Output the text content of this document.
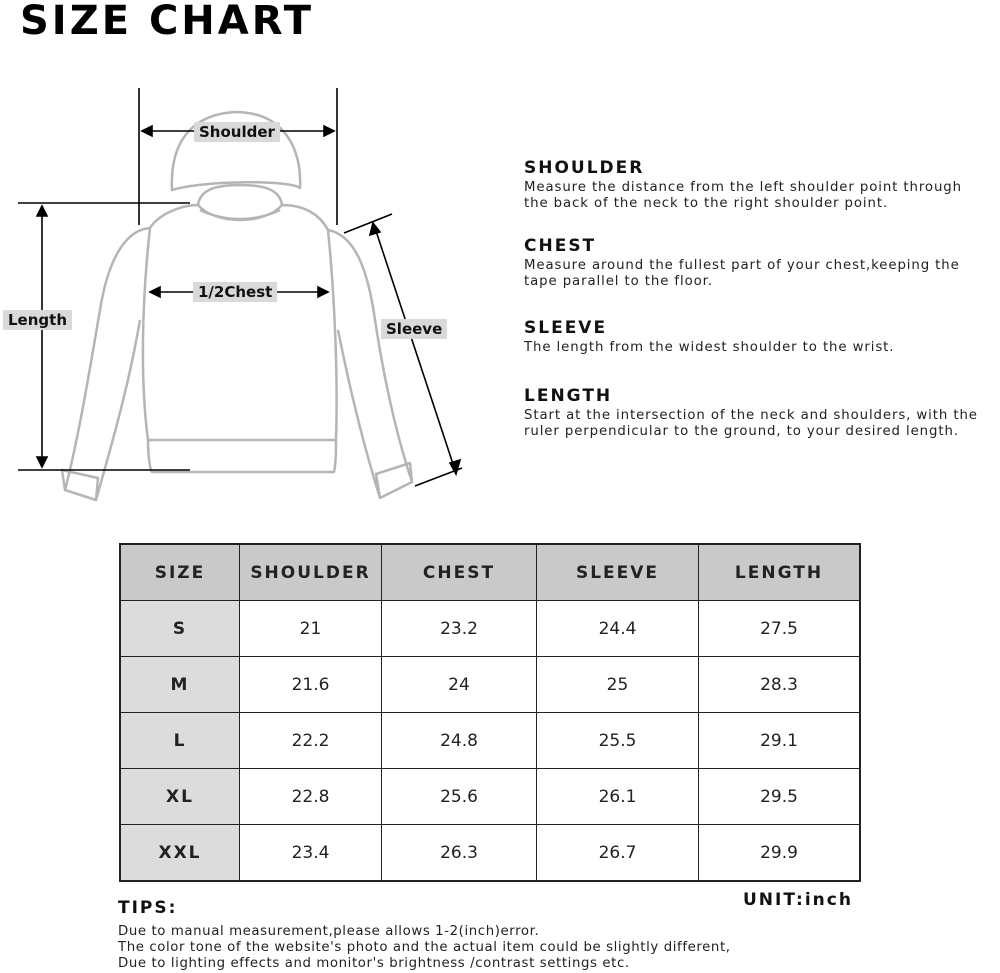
SIZE CHART
Shoulder
1/2Chest
Length	Sleeve
SHOULDER

Measure the distance from the left shoulder point through
the back of the neck to the right shoulder point.

CHEST

Measure around the fullest part of your chest,keeping the
tape parallel to the floor.

SLEEVE

The length from the widest shoulder to the wrist.

LENGTH

Start at the intersection of the neck and shoulders, with the
ruler perpendicular to the ground, to your desired length.

SIZE	SHOULDER	CHEST	SLEEVE	LENGTH
S	21	23.2	24.4	27.5
M	21.6	24	25	28.3
L	22.2	24.8	25.5	29.1
XL	22.8	25.6	26.1	29.5
XXL	23.4	26.3	26.7	29.9
TIPS:	UNIT:inch
Due to manual measurement,please allows 1-2(inch)error.
The color tone of the website's photo and the actual item could be slightly different,
Due to lighting effects and monitor's brightness /contrast settings etc.
